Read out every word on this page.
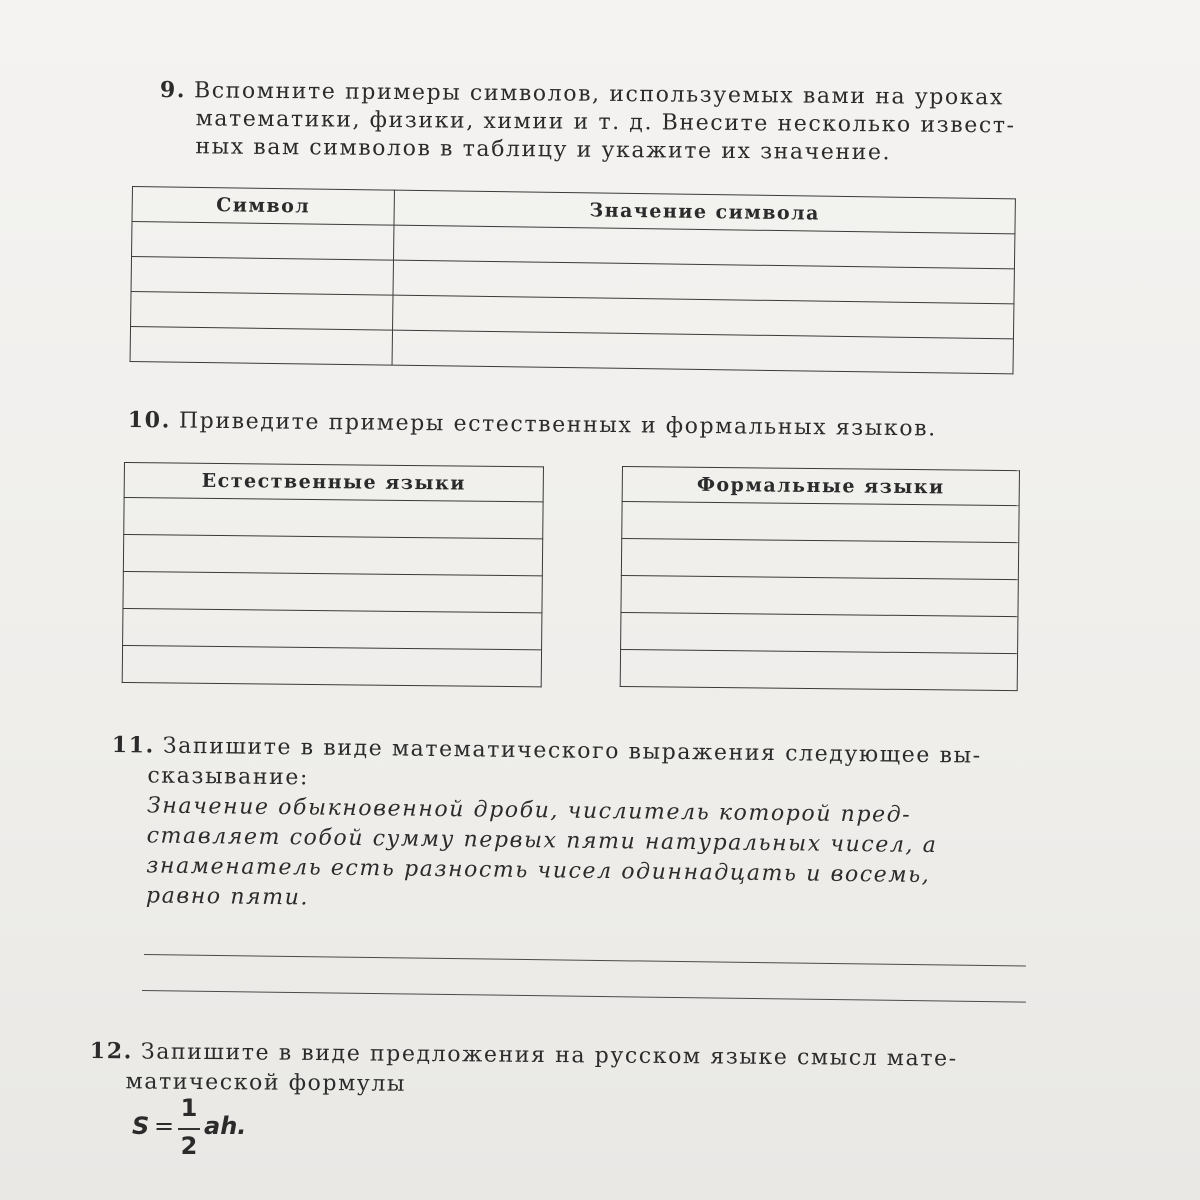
9. Вспомните примеры символов, используемых вами на уроках
математики, физики, химии и т. д. Внесите несколько извест-
ных вам символов в таблицу и укажите их значение.
Символ	Значение символа

10. Приведите примеры естественных и формальных языков.
Естественные языки	Формальные языки

11. Запишите в виде математического выражения следующее вы-
сказывание:
Значение обыкновенной дроби, числитель которой пред-
ставляет собой сумму первых пяти натуральных чисел, а
знаменатель есть разность чисел одиннадцать и восемь,
равно пяти.
12. Запишите в виде предложения на русском языке смысл мате-
матической формулы
S =
1
2
ah.
